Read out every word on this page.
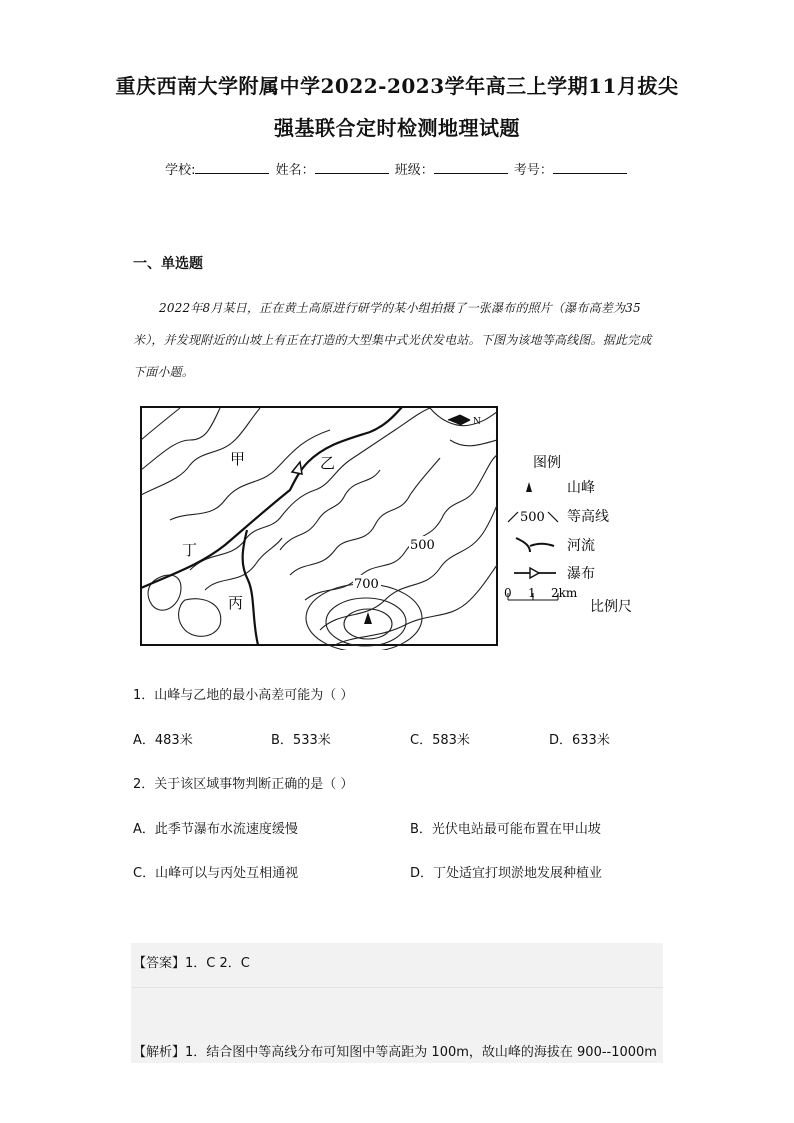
重庆西南大学附属中学2022-2023学年高三上学期11月拔尖
强基联合定时检测地理试题
学校:	姓名：	班级：	考号：
一、单选题
2022年8月某日，正在黄土高原进行研学的某小组拍摄了一张瀑布的照片（瀑布高差为35米），并发现附近的山坡上有正在打造的大型集中式光伏发电站。下图为该地等高线图。据此完成下面小题。
N
甲	乙
丁
丙
500
700
图例
山峰
500 等高线
河流
瀑布
0 1 2km
比例尺
1．山峰与乙地的最小高差可能为（ ）
A．483米	B．533米	C．583米	D．633米
2．关于该区域事物判断正确的是（ ）
A．此季节瀑布水流速度缓慢	B．光伏电站最可能布置在甲山坡
C．山峰可以与丙处互相通视	D．丁处适宜打坝淤地发展种植业
【答案】1．C 2．C
【解析】1．结合图中等高线分布可知图中等高距为 100m，故山峰的海拔在 900--1000m
